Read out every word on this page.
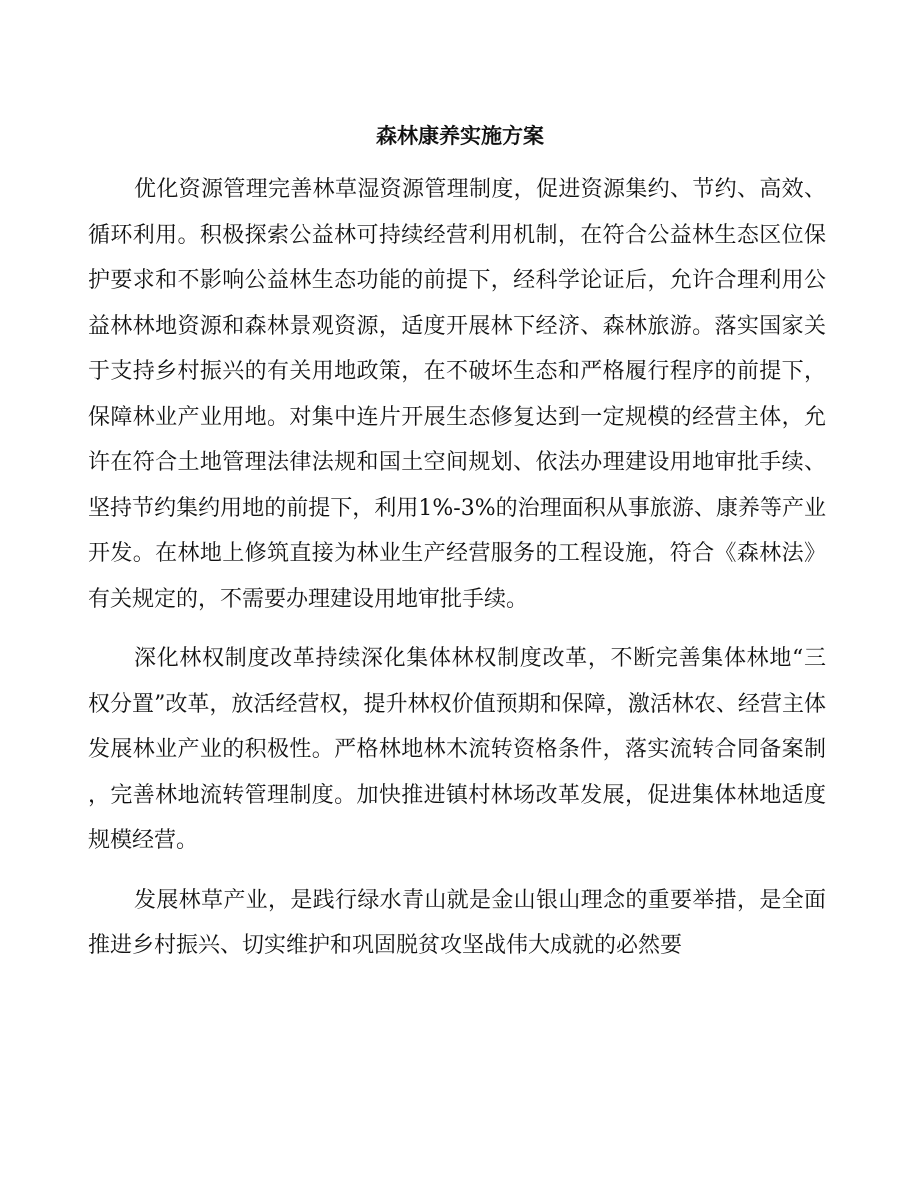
森林康养实施方案

优化资源管理完善林草湿资源管理制度，促进资源集约、节约、高效、循环利用。积极探索公益林可持续经营利用机制，在符合公益林生态区位保护要求和不影响公益林生态功能的前提下，经科学论证后，允许合理利用公益林林地资源和森林景观资源，适度开展林下经济、森林旅游。落实国家关于支持乡村振兴的有关用地政策，在不破坏生态和严格履行程序的前提下，保障林业产业用地。对集中连片开展生态修复达到一定规模的经营主体，允许在符合土地管理法律法规和国土空间规划、依法办理建设用地审批手续、坚持节约集约用地的前提下，利用1%-3%的治理面积从事旅游、康养等产业开发。在林地上修筑直接为林业生产经营服务的工程设施，符合《森林法》有关规定的，不需要办理建设用地审批手续。

深化林权制度改革持续深化集体林权制度改革，不断完善集体林地“三权分置”改革，放活经营权，提升林权价值预期和保障，激活林农、经营主体发展林业产业的积极性。严格林地林木流转资格条件，落实流转合同备案制，完善林地流转管理制度。加快推进镇村林场改革发展，促进集体林地适度规模经营。

发展林草产业，是践行绿水青山就是金山银山理念的重要举措，是全面推进乡村振兴、切实维护和巩固脱贫攻坚战伟大成就的必然要
